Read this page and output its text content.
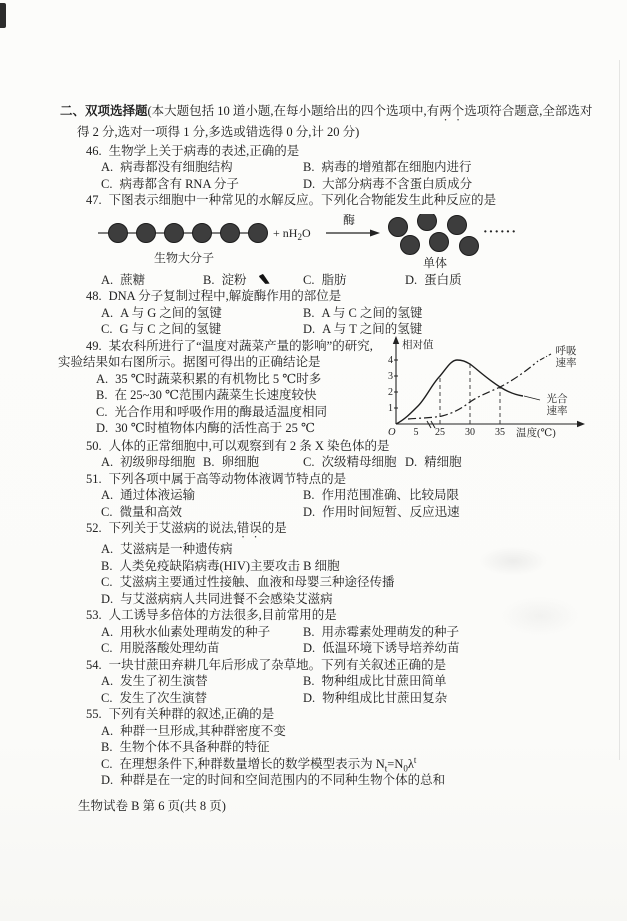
二、双项选择题(本大题包括 10 道小题,在每小题给出的四个选项中,有两个选项符合题意,全部选对得 2 分,选对一项得 1 分,多选或错选得 0 分,计 20 分)

46. 生物学上关于病毒的表述,正确的是

A. 病毒都没有细胞结构	B. 病毒的增殖都在细胞内进行
C. 病毒都含有 RNA 分子	D. 大部分病毒不含蛋白质成分

47. 下图表示细胞中一种常见的水解反应。下列化合物能发生此种反应的是

生物大分子
+ nH2O
酶
单体
······
A. 蔗糖	B. 淀粉	C. 脂肪	D. 蛋白质

48. DNA 分子复制过程中,解旋酶作用的部位是

A. A 与 G 之间的氢键	B. A 与 C 之间的氢键
C. G 与 C 之间的氢键	D. A 与 T 之间的氢键
相对值
4
3
2
1
5 25 30 35
O	温度(℃)
呼吸
速率
光合
速率

49. 某农科所进行了“温度对蔬菜产量的影响”的研究,

实验结果如右图所示。据图可得出的正确结论是

A. 35 ℃时蔬菜积累的有机物比 5 ℃时多
B. 在 25~30 ℃范围内蔬菜生长速度较快
C. 光合作用和呼吸作用的酶最适温度相同
D. 30 ℃时植物体内酶的活性高于 25 ℃

50. 人体的正常细胞中,可以观察到有 2 条 X 染色体的是

A. 初级卵母细胞 B. 卵细胞	C. 次级精母细胞 D. 精细胞

51. 下列各项中属于高等动物体液调节特点的是

A. 通过体液运输	B. 作用范围准确、比较局限
C. 微量和高效	D. 作用时间短暂、反应迅速

52. 下列关于艾滋病的说法,错误的是

A. 艾滋病是一种遗传病
B. 人类免疫缺陷病毒(HIV)主要攻击 B 细胞
C. 艾滋病主要通过性接触、血液和母婴三种途径传播
D. 与艾滋病病人共同进餐不会感染艾滋病

53. 人工诱导多倍体的方法很多,目前常用的是

A. 用秋水仙素处理萌发的种子	B. 用赤霉素处理萌发的种子
C. 用脱落酸处理幼苗	D. 低温环境下诱导培养幼苗

54. 一块甘蔗田弃耕几年后形成了杂草地。下列有关叙述正确的是

A. 发生了初生演替	B. 物种组成比甘蔗田简单
C. 发生了次生演替	D. 物种组成比甘蔗田复杂

55. 下列有关种群的叙述,正确的是

A. 种群一旦形成,其种群密度不变
B. 生物个体不具备种群的特征
C. 在理想条件下,种群数量增长的数学模型表示为 $N_t=N_0\lambda^t$
D. 种群是在一定的时间和空间范围内的不同种生物个体的总和

生物试卷 B 第 6 页(共 8 页)
